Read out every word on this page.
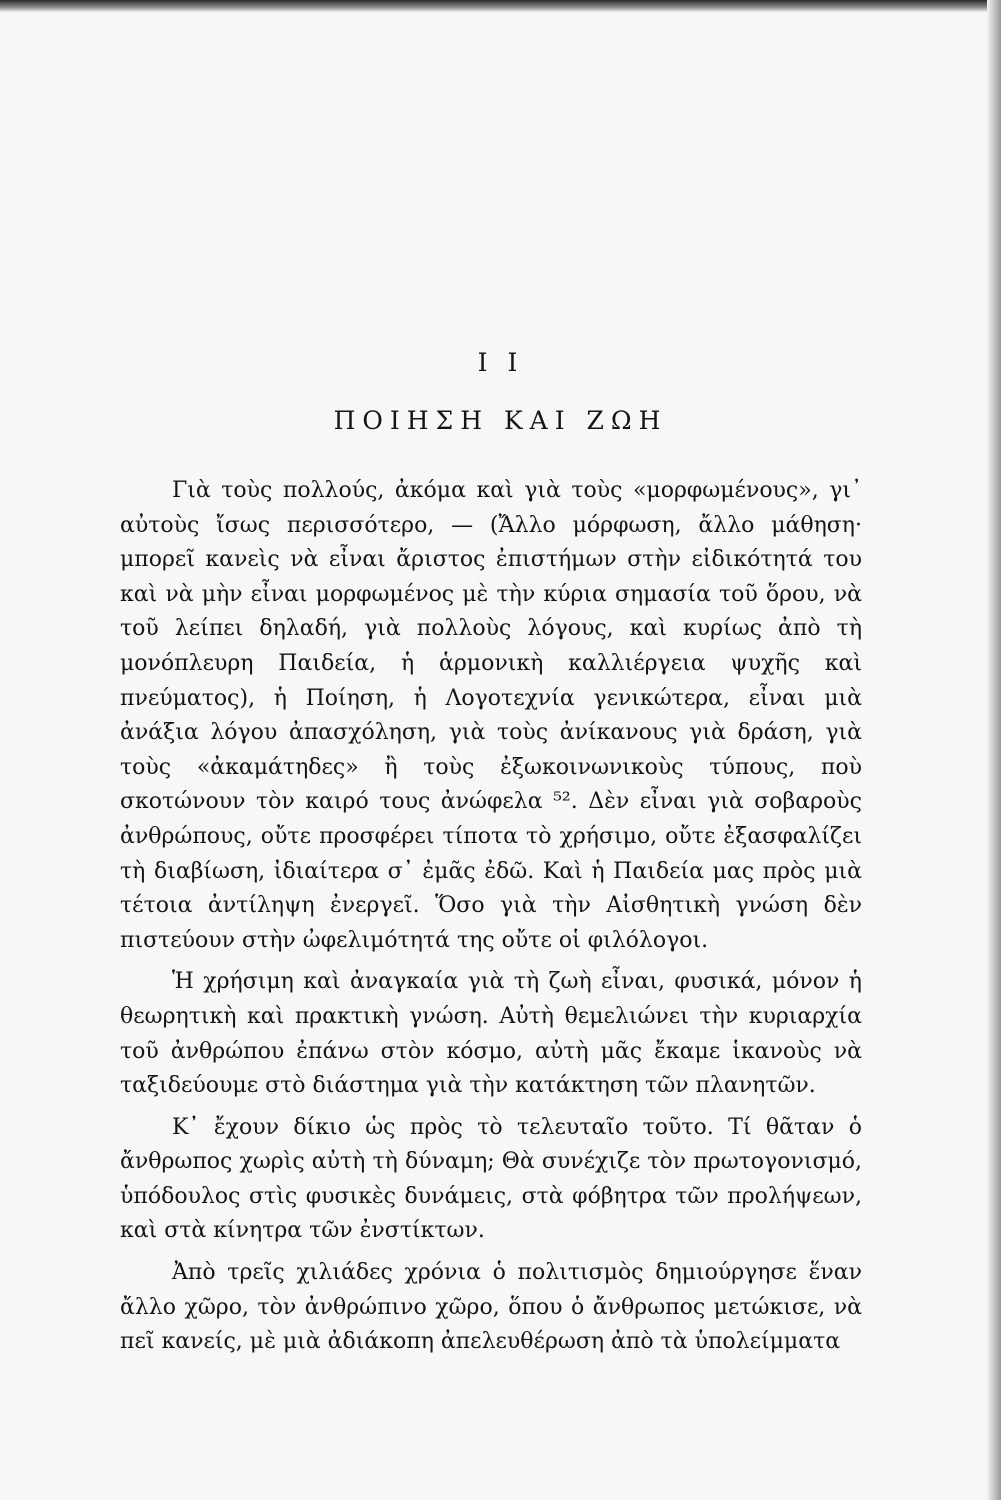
I I
ΠΟΙΗΣΗ ΚΑΙ ΖΩΗ

Γιὰ τοὺς πολλούς, ἀκόμα καὶ γιὰ τοὺς «μορφωμένους», γι᾽ αὐτοὺς ἴσως περισσότερο, — (Ἄλλο μόρφωση, ἄλλο μάθηση· μπορεῖ κανεὶς νὰ εἶναι ἄριστος ἐπιστήμων στὴν εἰδικότητά του καὶ νὰ μὴν εἶναι μορφωμένος μὲ τὴν κύρια σημασία τοῦ ὅρου, νὰ τοῦ λείπει δηλαδή, γιὰ πολλοὺς λόγους, καὶ κυρίως ἀπὸ τὴ μονόπλευρη Παιδεία, ἡ ἁρμονικὴ καλλιέργεια ψυχῆς καὶ πνεύματος), ἡ Ποίηση, ἡ Λογοτεχνία γενικώτερα, εἶναι μιὰ ἀνάξια λόγου ἀπασχόληση, γιὰ τοὺς ἀνίκανους γιὰ δράση, γιὰ τοὺς «ἀκαμάτηδες» ἢ τοὺς ἐξωκοινωνικοὺς τύπους, ποὺ σκοτώνουν τὸν καιρό τους ἀνώφελα ⁵². Δὲν εἶναι γιὰ σοβαροὺς ἀνθρώπους, οὔτε προσφέρει τίποτα τὸ χρήσιμο, οὔτε ἐξασφαλίζει τὴ διαβίωση, ἰδιαίτερα σ᾽ ἐμᾶς ἐδῶ. Καὶ ἡ Παιδεία μας πρὸς μιὰ τέτοια ἀντίληψη ἐνεργεῖ. Ὅσο γιὰ τὴν Αἰσθητικὴ γνώση δὲν πιστεύουν στὴν ὠφελιμότητά της οὔτε οἱ φιλόλογοι.

Ἡ χρήσιμη καὶ ἀναγκαία γιὰ τὴ ζωὴ εἶναι, φυσικά, μόνον ἡ θεωρητικὴ καὶ πρακτικὴ γνώση. Αὐτὴ θεμελιώνει τὴν κυριαρχία τοῦ ἀνθρώπου ἐπάνω στὸν κόσμο, αὐτὴ μᾶς ἔκαμε ἱκανοὺς νὰ ταξιδεύουμε στὸ διάστημα γιὰ τὴν κατάκτηση τῶν πλανητῶν.

Κ᾽ ἔχουν δίκιο ὡς πρὸς τὸ τελευταῖο τοῦτο. Τί θᾶταν ὁ ἄνθρωπος χωρὶς αὐτὴ τὴ δύναμη; Θὰ συνέχιζε τὸν πρωτογονισμό, ὑπόδουλος στὶς φυσικὲς δυνάμεις, στὰ φόβητρα τῶν προλήψεων, καὶ στὰ κίνητρα τῶν ἐνστίκτων.

Ἀπὸ τρεῖς χιλιάδες χρόνια ὁ πολιτισμὸς δημιούργησε ἕναν ἄλλο χῶρο, τὸν ἀνθρώπινο χῶρο, ὅπου ὁ ἄνθρωπος μετώκισε, νὰ πεῖ κανείς, μὲ μιὰ ἀδιάκοπη ἀπελευθέρωση ἀπὸ τὰ ὑπολείμματα
